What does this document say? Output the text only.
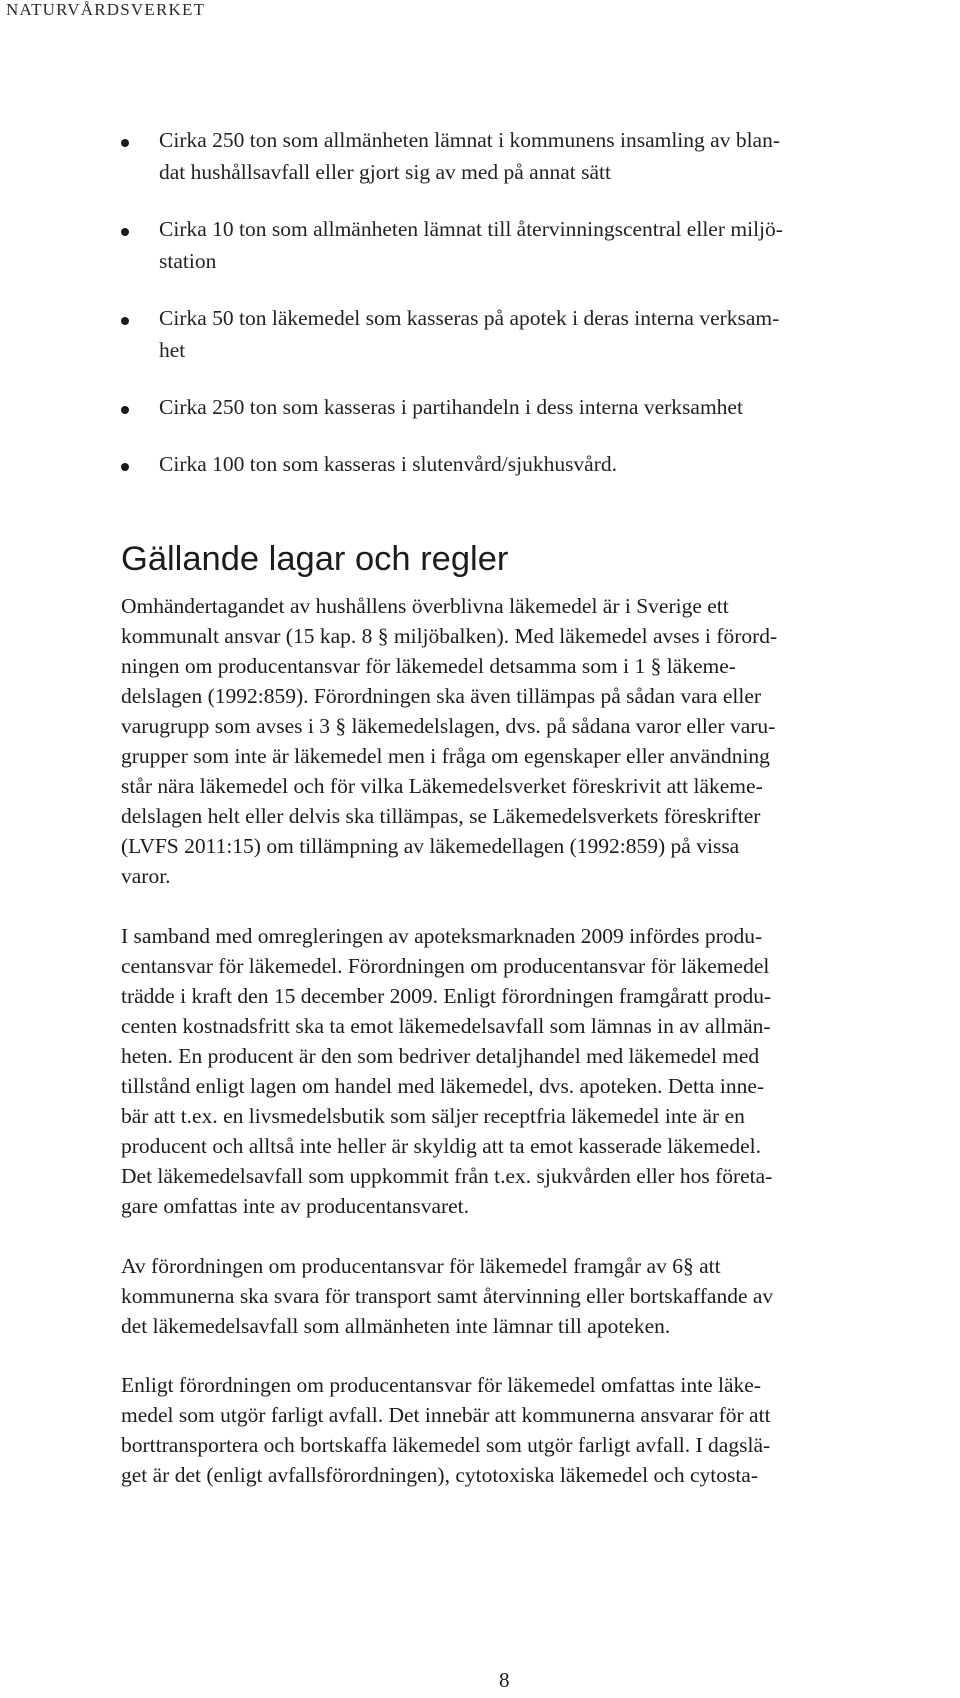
NATURVÅRDSVERKET
Cirka 250 ton som allmänheten lämnat i kommunens insamling av blan-
dat hushållsavfall eller gjort sig av med på annat sätt
Cirka 10 ton som allmänheten lämnat till återvinningscentral eller miljö-
station
Cirka 50 ton läkemedel som kasseras på apotek i deras interna verksam-
het
Cirka 250 ton som kasseras i partihandeln i dess interna verksamhet
Cirka 100 ton som kasseras i slutenvård/sjukhusvård.
Gällande lagar och regler
Omhändertagandet av hushållens överblivna läkemedel är i Sverige ett
kommunalt ansvar (15 kap. 8 § miljöbalken). Med läkemedel avses i förord-
ningen om producentansvar för läkemedel detsamma som i 1 § läkeme-
delslagen (1992:859). Förordningen ska även tillämpas på sådan vara eller
varugrupp som avses i 3 § läkemedelslagen, dvs. på sådana varor eller varu-
grupper som inte är läkemedel men i fråga om egenskaper eller användning
står nära läkemedel och för vilka Läkemedelsverket föreskrivit att läkeme-
delslagen helt eller delvis ska tillämpas, se Läkemedelsverkets föreskrifter
(LVFS 2011:15) om tillämpning av läkemedellagen (1992:859) på vissa
varor.
I samband med omregleringen av apoteksmarknaden 2009 infördes produ-
centansvar för läkemedel. Förordningen om producentansvar för läkemedel
trädde i kraft den 15 december 2009. Enligt förordningen framgåratt produ-
centen kostnadsfritt ska ta emot läkemedelsavfall som lämnas in av allmän-
heten. En producent är den som bedriver detaljhandel med läkemedel med
tillstånd enligt lagen om handel med läkemedel, dvs. apoteken. Detta inne-
bär att t.ex. en livsmedelsbutik som säljer receptfria läkemedel inte är en
producent och alltså inte heller är skyldig att ta emot kasserade läkemedel.
Det läkemedelsavfall som uppkommit från t.ex. sjukvården eller hos företa-
gare omfattas inte av producentansvaret.
Av förordningen om producentansvar för läkemedel framgår av 6§ att
kommunerna ska svara för transport samt återvinning eller bortskaffande av
det läkemedelsavfall som allmänheten inte lämnar till apoteken.
Enligt förordningen om producentansvar för läkemedel omfattas inte läke-
medel som utgör farligt avfall. Det innebär att kommunerna ansvarar för att
borttransportera och bortskaffa läkemedel som utgör farligt avfall. I dagslä-
get är det (enligt avfallsförordningen), cytotoxiska läkemedel och cytosta-
8
